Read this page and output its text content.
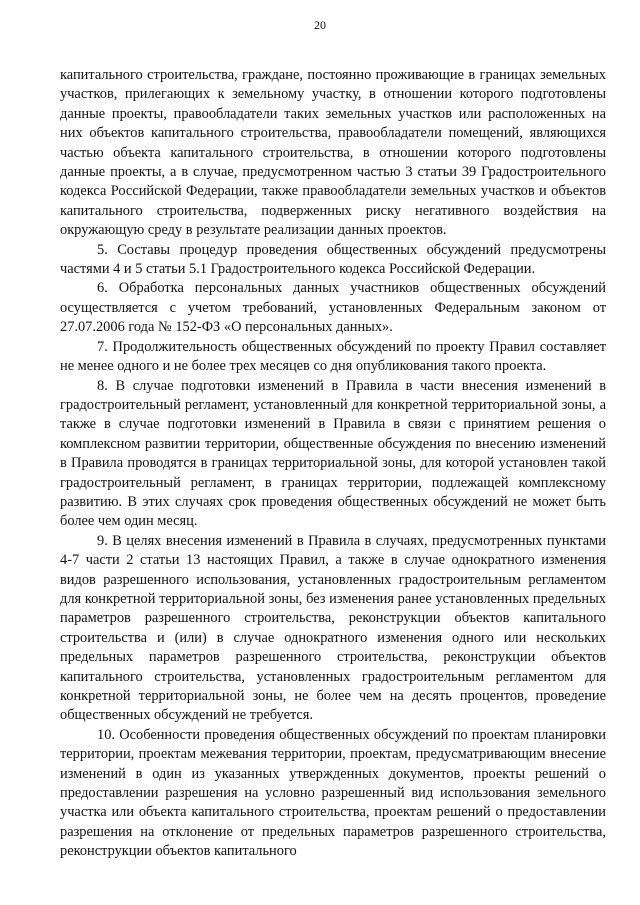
20

капитального строительства, граждане, постоянно проживающие в границах земельных участков, прилегающих к земельному участку, в отношении которого подготовлены данные проекты, правообладатели таких земельных участков или расположенных на них объектов капитального строительства, правообладатели помещений, являющихся частью объекта капитального строительства, в отношении которого подготовлены данные проекты, а в случае, предусмотренном частью 3 статьи 39 Градостроительного кодекса Российской Федерации, также правообладатели земельных участков и объектов капитального строительства, подверженных риску негативного воздействия на окружающую среду в результате реализации данных проектов.

5. Составы процедур проведения общественных обсуждений предусмотрены частями 4 и 5 статьи 5.1 Градостроительного кодекса Российской Федерации.

6. Обработка персональных данных участников общественных обсуждений осуществляется с учетом требований, установленных Федеральным законом от 27.07.2006 года № 152-ФЗ «О персональных данных».

7. Продолжительность общественных обсуждений по проекту Правил составляет не менее одного и не более трех месяцев со дня опубликования такого проекта.

8. В случае подготовки изменений в Правила в части внесения изменений в градостроительный регламент, установленный для конкретной территориальной зоны, а также в случае подготовки изменений в Правила в связи с принятием решения о комплексном развитии территории, общественные обсуждения по внесению изменений в Правила проводятся в границах территориальной зоны, для которой установлен такой градостроительный регламент, в границах территории, подлежащей комплексному развитию. В этих случаях срок проведения общественных обсуждений не может быть более чем один месяц.

9. В целях внесения изменений в Правила в случаях, предусмотренных пунктами 4-7 части 2 статьи 13 настоящих Правил, а также в случае однократного изменения видов разрешенного использования, установленных градостроительным регламентом для конкретной территориальной зоны, без изменения ранее установленных предельных параметров разрешенного строительства, реконструкции объектов капитального строительства и (или) в случае однократного изменения одного или нескольких предельных параметров разрешенного строительства, реконструкции объектов капитального строительства, установленных градостроительным регламентом для конкретной территориальной зоны, не более чем на десять процентов, проведение общественных обсуждений не требуется.

10. Особенности проведения общественных обсуждений по проектам планировки территории, проектам межевания территории, проектам, предусматривающим внесение изменений в один из указанных утвержденных документов, проекты решений о предоставлении разрешения на условно разрешенный вид использования земельного участка или объекта капитального строительства, проектам решений о предоставлении разрешения на отклонение от предельных параметров разрешенного строительства, реконструкции объектов капитального
